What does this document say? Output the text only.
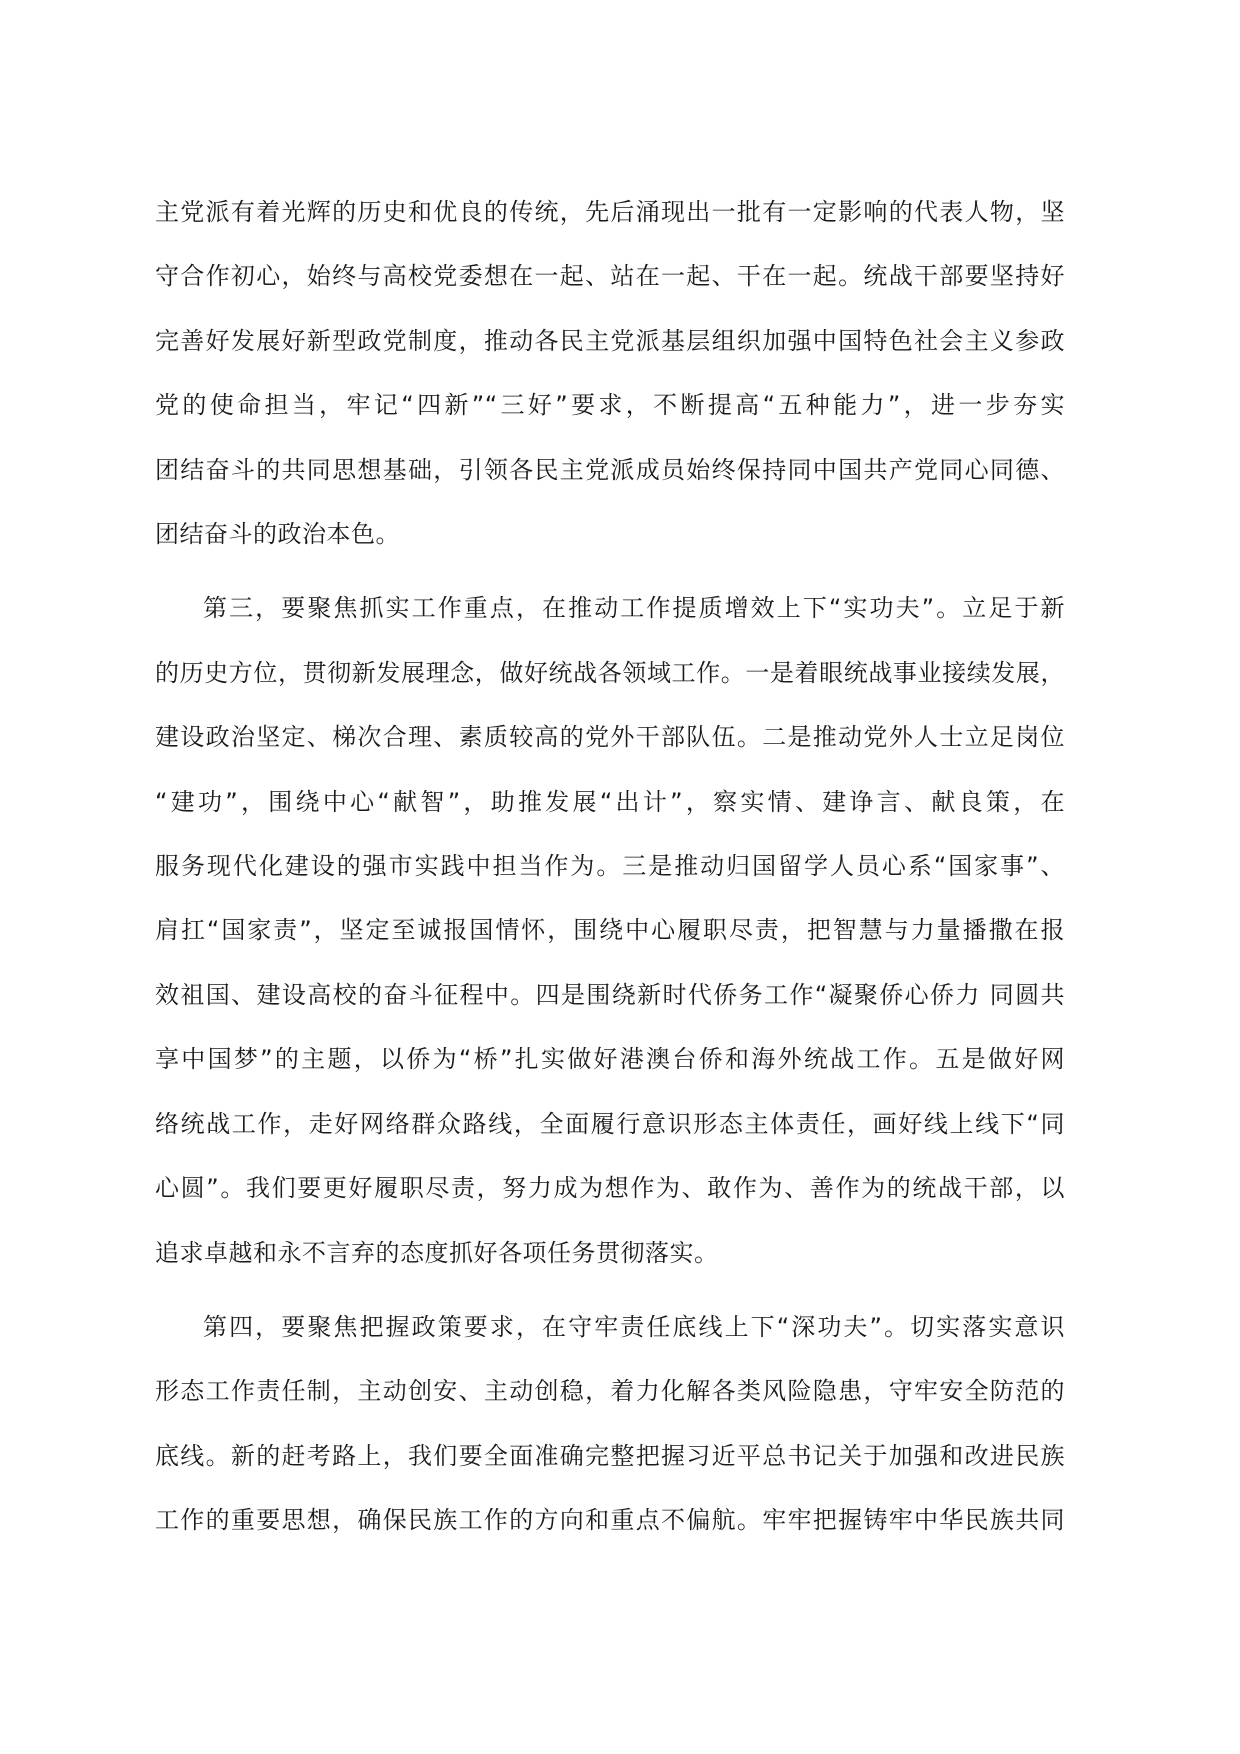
主党派有着光辉的历史和优良的传统，先后涌现出一批有一定影响的代表人物，坚

守合作初心，始终与高校党委想在一起、站在一起、干在一起。统战干部要坚持好

完善好发展好新型政党制度，推动各民主党派基层组织加强中国特色社会主义参政

党的使命担当，牢记“四新”“三好”要求，不断提高“五种能力”，进一步夯实

团结奋斗的共同思想基础，引领各民主党派成员始终保持同中国共产党同心同德、

团结奋斗的政治本色。

第三，要聚焦抓实工作重点，在推动工作提质增效上下“实功夫”。立足于新

的历史方位，贯彻新发展理念，做好统战各领域工作。一是着眼统战事业接续发展，

建设政治坚定、梯次合理、素质较高的党外干部队伍。二是推动党外人士立足岗位

“建功”，围绕中心“献智”，助推发展“出计”，察实情、建诤言、献良策，在

服务现代化建设的强市实践中担当作为。三是推动归国留学人员心系“国家事”、

肩扛“国家责”，坚定至诚报国情怀，围绕中心履职尽责，把智慧与力量播撒在报

效祖国、建设高校的奋斗征程中。四是围绕新时代侨务工作“凝聚侨心侨力 同圆共

享中国梦”的主题，以侨为“桥”扎实做好港澳台侨和海外统战工作。五是做好网

络统战工作，走好网络群众路线，全面履行意识形态主体责任，画好线上线下“同

心圆”。我们要更好履职尽责，努力成为想作为、敢作为、善作为的统战干部，以

追求卓越和永不言弃的态度抓好各项任务贯彻落实。

第四，要聚焦把握政策要求，在守牢责任底线上下“深功夫”。切实落实意识

形态工作责任制，主动创安、主动创稳，着力化解各类风险隐患，守牢安全防范的

底线。新的赶考路上，我们要全面准确完整把握习近平总书记关于加强和改进民族

工作的重要思想，确保民族工作的方向和重点不偏航。牢牢把握铸牢中华民族共同
